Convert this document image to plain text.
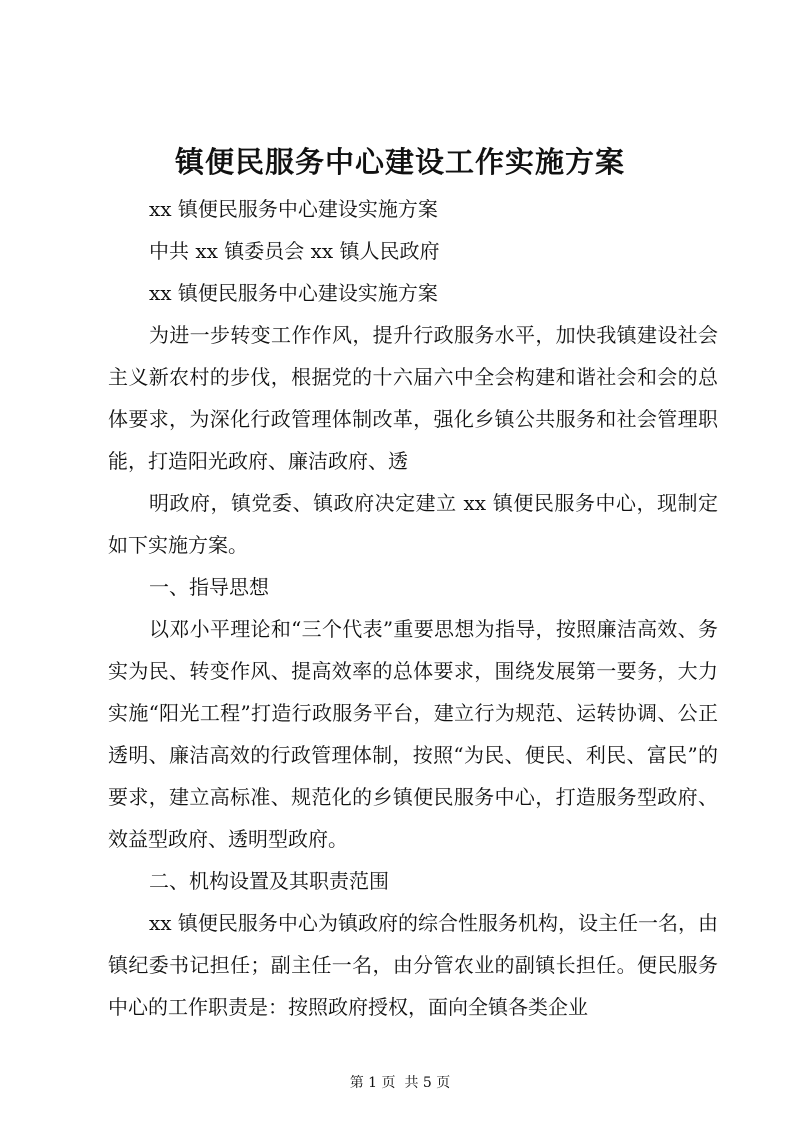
镇便民服务中心建设工作实施方案

xx 镇便民服务中心建设实施方案

中共 xx 镇委员会 xx 镇人民政府

xx 镇便民服务中心建设实施方案

为进一步转变工作作风，提升行政服务水平，加快我镇建设社会主义新农村的步伐，根据党的十六届六中全会构建和谐社会和会的总体要求，为深化行政管理体制改革，强化乡镇公共服务和社会管理职能，打造阳光政府、廉洁政府、透

明政府，镇党委、镇政府决定建立 xx 镇便民服务中心，现制定如下实施方案。

一、指导思想

以邓小平理论和“三个代表”重要思想为指导，按照廉洁高效、务实为民、转变作风、提高效率的总体要求，围绕发展第一要务，大力实施“阳光工程”打造行政服务平台，建立行为规范、运转协调、公正透明、廉洁高效的行政管理体制，按照“为民、便民、利民、富民”的要求，建立高标准、规范化的乡镇便民服务中心，打造服务型政府、效益型政府、透明型政府。

二、机构设置及其职责范围

xx 镇便民服务中心为镇政府的综合性服务机构，设主任一名，由镇纪委书记担任；副主任一名，由分管农业的副镇长担任。便民服务中心的工作职责是：按照政府授权，面向全镇各类企业

第 1 页  共 5 页
